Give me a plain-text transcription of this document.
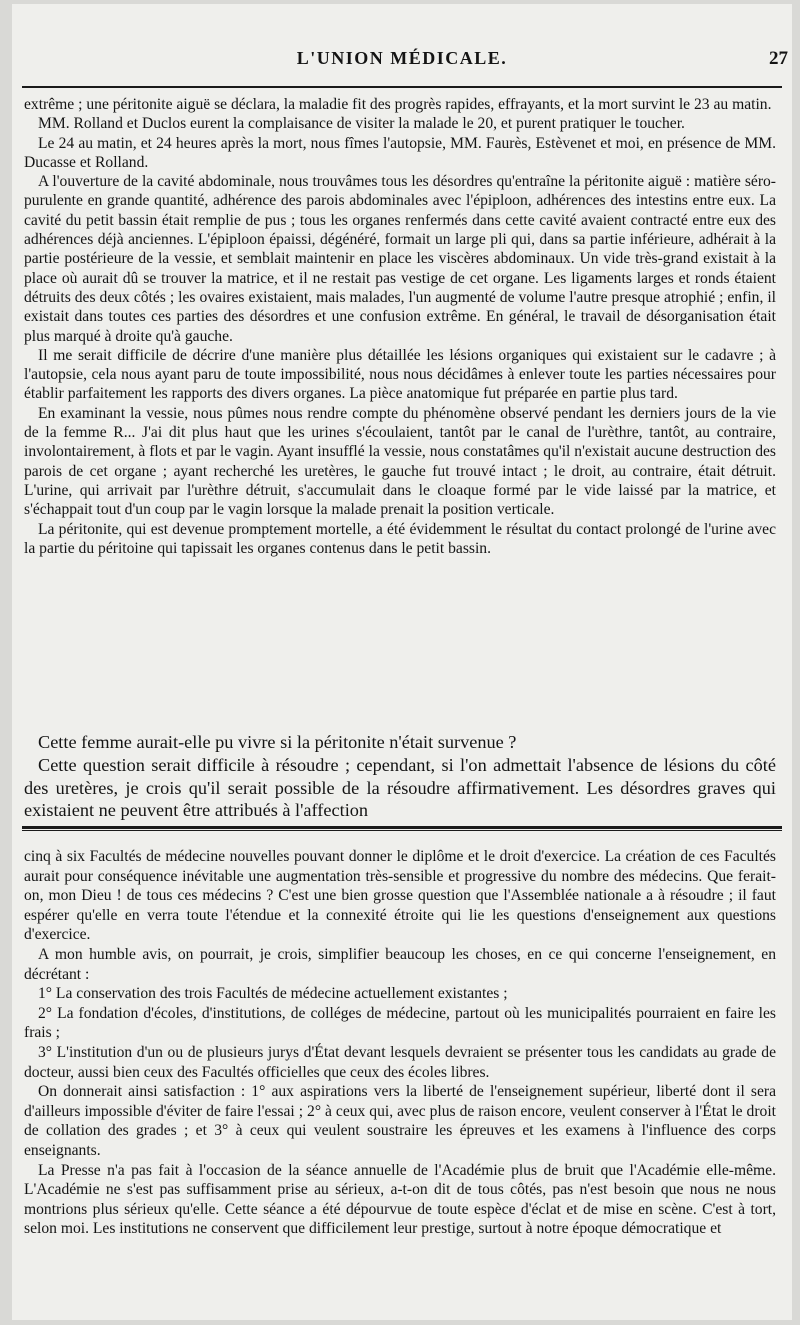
L'UNION MÉDICALE.	27

extrême ; une péritonite aiguë se déclara, la maladie fit des progrès rapides, effrayants, et la mort survint le 23 au matin.

MM. Rolland et Duclos eurent la complaisance de visiter la malade le 20, et purent pratiquer le toucher.

Le 24 au matin, et 24 heures après la mort, nous fîmes l'autopsie, MM. Faurès, Estèvenet et moi, en présence de MM. Ducasse et Rolland.

A l'ouverture de la cavité abdominale, nous trouvâmes tous les désordres qu'entraîne la péritonite aiguë : matière séro-purulente en grande quantité, adhérence des parois abdominales avec l'épiploon, adhérences des intestins entre eux. La cavité du petit bassin était remplie de pus ; tous les organes renfermés dans cette cavité avaient contracté entre eux des adhérences déjà anciennes. L'épiploon épaissi, dégénéré, formait un large pli qui, dans sa partie inférieure, adhérait à la partie postérieure de la vessie, et semblait maintenir en place les viscères abdominaux. Un vide très-grand existait à la place où aurait dû se trouver la matrice, et il ne restait pas vestige de cet organe. Les ligaments larges et ronds étaient détruits des deux côtés ; les ovaires existaient, mais malades, l'un augmenté de volume l'autre presque atrophié ; enfin, il existait dans toutes ces parties des désordres et une confusion extrême. En général, le travail de désorganisation était plus marqué à droite qu'à gauche.

Il me serait difficile de décrire d'une manière plus détaillée les lésions organiques qui existaient sur le cadavre ; à l'autopsie, cela nous ayant paru de toute impossibilité, nous nous décidâmes à enlever toute les parties nécessaires pour établir parfaitement les rapports des divers organes. La pièce anatomique fut préparée en partie plus tard.

En examinant la vessie, nous pûmes nous rendre compte du phénomène observé pendant les derniers jours de la vie de la femme R... J'ai dit plus haut que les urines s'écoulaient, tantôt par le canal de l'urèthre, tantôt, au contraire, involontairement, à flots et par le vagin. Ayant insufflé la vessie, nous constatâmes qu'il n'existait aucune destruction des parois de cet organe ; ayant recherché les uretères, le gauche fut trouvé intact ; le droit, au contraire, était détruit. L'urine, qui arrivait par l'urèthre détruit, s'accumulait dans le cloaque formé par le vide laissé par la matrice, et s'échappait tout d'un coup par le vagin lorsque la malade prenait la position verticale.

La péritonite, qui est devenue promptement mortelle, a été évidemment le résultat du contact prolongé de l'urine avec la partie du péritoine qui tapissait les organes contenus dans le petit bassin.

Cette femme aurait-elle pu vivre si la péritonite n'était survenue ?

Cette question serait difficile à résoudre ; cependant, si l'on admettait l'absence de lésions du côté des uretères, je crois qu'il serait possible de la résoudre affirmativement. Les désordres graves qui existaient ne peuvent être attribués à l'affection

cinq à six Facultés de médecine nouvelles pouvant donner le diplôme et le droit d'exercice. La création de ces Facultés aurait pour conséquence inévitable une augmentation très-sensible et progressive du nombre des médecins. Que ferait-on, mon Dieu ! de tous ces médecins ? C'est une bien grosse question que l'Assemblée nationale a à résoudre ; il faut espérer qu'elle en verra toute l'étendue et la connexité étroite qui lie les questions d'enseignement aux questions d'exercice.

A mon humble avis, on pourrait, je crois, simplifier beaucoup les choses, en ce qui concerne l'enseignement, en décrétant :

1° La conservation des trois Facultés de médecine actuellement existantes ;

2° La fondation d'écoles, d'institutions, de colléges de médecine, partout où les municipalités pourraient en faire les frais ;

3° L'institution d'un ou de plusieurs jurys d'État devant lesquels devraient se présenter tous les candidats au grade de docteur, aussi bien ceux des Facultés officielles que ceux des écoles libres.

On donnerait ainsi satisfaction : 1° aux aspirations vers la liberté de l'enseignement supérieur, liberté dont il sera d'ailleurs impossible d'éviter de faire l'essai ; 2° à ceux qui, avec plus de raison encore, veulent conserver à l'État le droit de collation des grades ; et 3° à ceux qui veulent soustraire les épreuves et les examens à l'influence des corps enseignants.

La Presse n'a pas fait à l'occasion de la séance annuelle de l'Académie plus de bruit que l'Académie elle-même. L'Académie ne s'est pas suffisamment prise au sérieux, a-t-on dit de tous côtés, pas n'est besoin que nous ne nous montrions plus sérieux qu'elle. Cette séance a été dépourvue de toute espèce d'éclat et de mise en scène. C'est à tort, selon moi. Les institutions ne conservent que difficilement leur prestige, surtout à notre époque démocratique et
